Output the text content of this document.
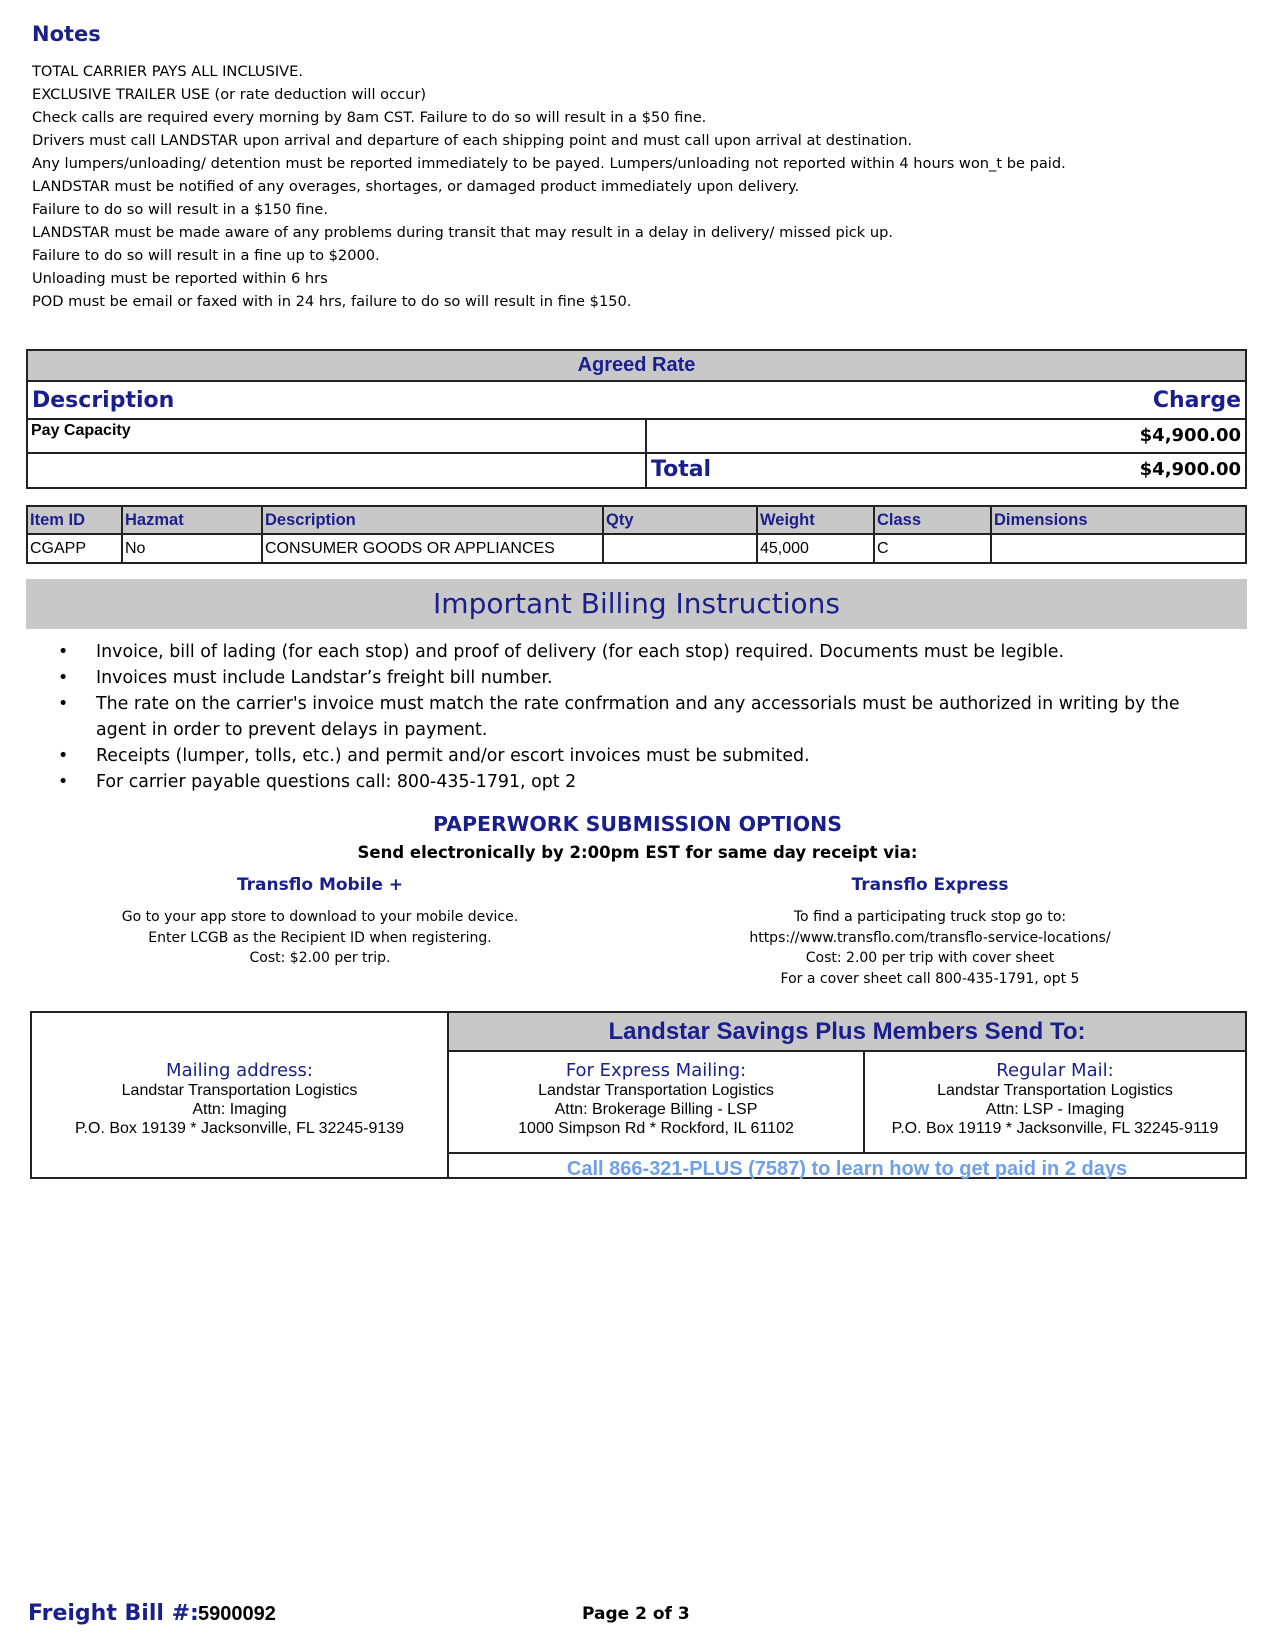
Notes
TOTAL CARRIER PAYS ALL INCLUSIVE.
EXCLUSIVE TRAILER USE (or rate deduction will occur)
Check calls are required every morning by 8am CST. Failure to do so will result in a $50 fine.
Drivers must call LANDSTAR upon arrival and departure of each shipping point and must call upon arrival at destination.
Any lumpers/unloading/ detention must be reported immediately to be payed. Lumpers/unloading not reported within 4 hours won_t be paid.
LANDSTAR must be notified of any overages, shortages, or damaged product immediately upon delivery.
Failure to do so will result in a $150 fine.
LANDSTAR must be made aware of any problems during transit that may result in a delay in delivery/ missed pick up.
Failure to do so will result in a fine up to $2000.
Unloading must be reported within 6 hrs
POD must be email or faxed with in 24 hrs, failure to do so will result in fine $150.
Agreed Rate
Description	Charge
Pay Capacity	$4,900.00
Total	$4,900.00
Item ID	Hazmat	Description	Qty	Weight	Class	Dimensions
CGAPP	No	CONSUMER GOODS OR APPLIANCES		45,000	C	
Important Billing Instructions
• Invoice, bill of lading (for each stop) and proof of delivery (for each stop) required. Documents must be legible.
• Invoices must include Landstar’s freight bill number.
• The rate on the carrier's invoice must match the rate confrmation and any accessorials must be authorized in writing by the agent in order to prevent delays in payment.
• Receipts (lumper, tolls, etc.) and permit and/or escort invoices must be submited.
• For carrier payable questions call: 800-435-1791, opt 2
PAPERWORK SUBMISSION OPTIONS
Send electronically by 2:00pm EST for same day receipt via:
Transflo Mobile +
Go to your app store to download to your mobile device.
Enter LCGB as the Recipient ID when registering.
Cost: $2.00 per trip.
Transflo Express
To find a participating truck stop go to:
https://www.transflo.com/transflo-service-locations/
Cost: 2.00 per trip with cover sheet
For a cover sheet call 800-435-1791, opt 5
Mailing address:
Landstar Transportation Logistics
Attn: Imaging
P.O. Box 19139 * Jacksonville, FL 32245-9139
Landstar Savings Plus Members Send To:
For Express Mailing:
Landstar Transportation Logistics
Attn: Brokerage Billing - LSP
1000 Simpson Rd * Rockford, IL 61102
Regular Mail:
Landstar Transportation Logistics
Attn: LSP - Imaging
P.O. Box 19119 * Jacksonville, FL 32245-9119
Call 866-321-PLUS (7587) to learn how to get paid in 2 days
Freight Bill #: 5900092	Page 2 of 3
